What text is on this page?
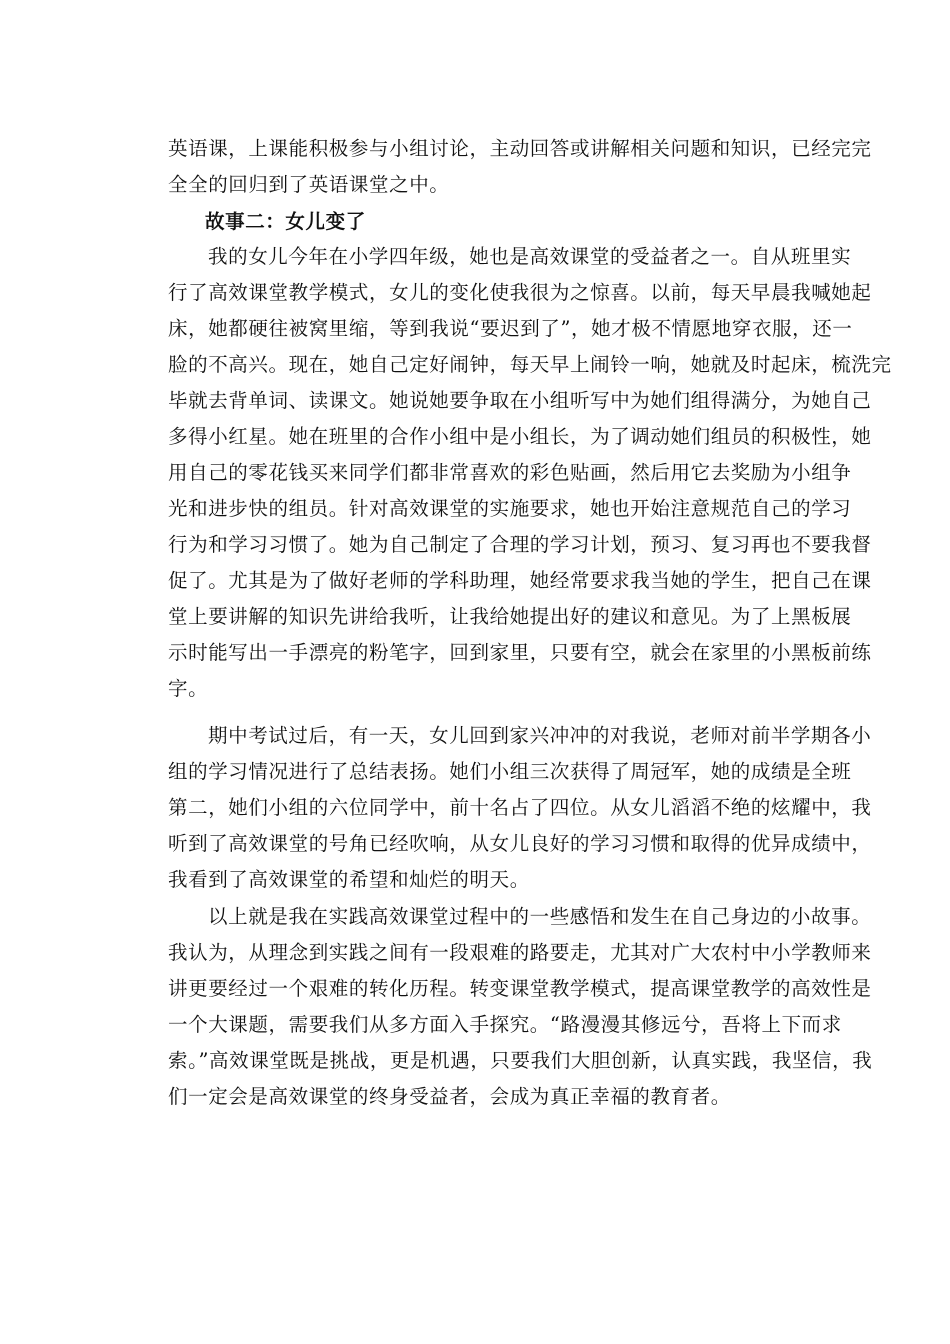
英语课，上课能积极参与小组讨论，主动回答或讲解相关问题和知识，已经完完
全全的回归到了英语课堂之中。
故事二：女儿变了
我的女儿今年在小学四年级，她也是高效课堂的受益者之一。自从班里实
行了高效课堂教学模式，女儿的变化使我很为之惊喜。以前，每天早晨我喊她起
床，她都硬往被窝里缩，等到我说“要迟到了”，她才极不情愿地穿衣服，还一
脸的不高兴。现在，她自己定好闹钟，每天早上闹铃一响，她就及时起床，梳洗完
毕就去背单词、读课文。她说她要争取在小组听写中为她们组得满分，为她自己
多得小红星。她在班里的合作小组中是小组长，为了调动她们组员的积极性，她
用自己的零花钱买来同学们都非常喜欢的彩色贴画，然后用它去奖励为小组争
光和进步快的组员。针对高效课堂的实施要求，她也开始注意规范自己的学习
行为和学习习惯了。她为自己制定了合理的学习计划，预习、复习再也不要我督
促了。尤其是为了做好老师的学科助理，她经常要求我当她的学生，把自己在课
堂上要讲解的知识先讲给我听，让我给她提出好的建议和意见。为了上黑板展
示时能写出一手漂亮的粉笔字，回到家里，只要有空，就会在家里的小黑板前练
字。
期中考试过后，有一天，女儿回到家兴冲冲的对我说，老师对前半学期各小
组的学习情况进行了总结表扬。她们小组三次获得了周冠军，她的成绩是全班
第二，她们小组的六位同学中，前十名占了四位。从女儿滔滔不绝的炫耀中，我
听到了高效课堂的号角已经吹响，从女儿良好的学习习惯和取得的优异成绩中，
我看到了高效课堂的希望和灿烂的明天。
以上就是我在实践高效课堂过程中的一些感悟和发生在自己身边的小故事。
我认为，从理念到实践之间有一段艰难的路要走，尤其对广大农村中小学教师来
讲更要经过一个艰难的转化历程。转变课堂教学模式，提高课堂教学的高效性是
一个大课题，需要我们从多方面入手探究。“路漫漫其修远兮，吾将上下而求
索。”高效课堂既是挑战，更是机遇，只要我们大胆创新，认真实践，我坚信，我
们一定会是高效课堂的终身受益者，会成为真正幸福的教育者。
